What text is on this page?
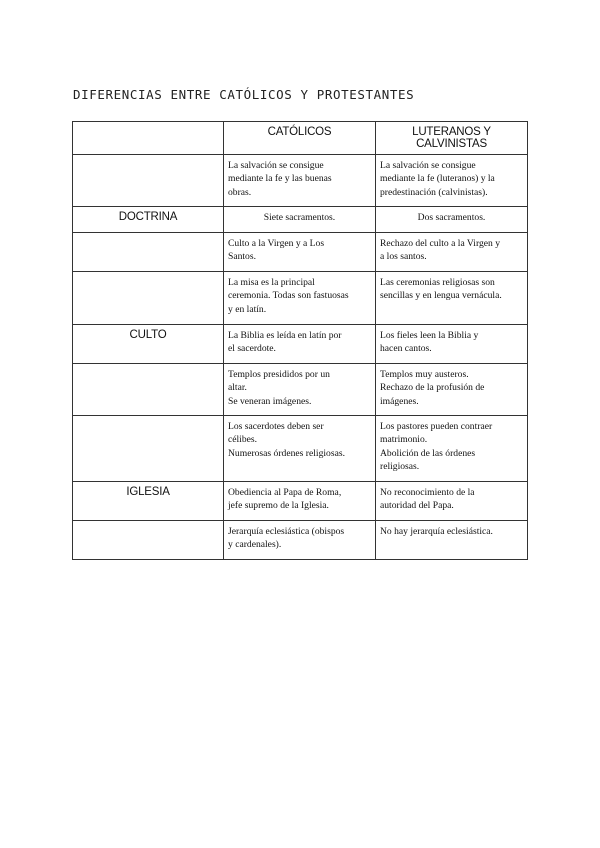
DIFERENCIAS ENTRE CATÓLICOS Y PROTESTANTES
	CATÓLICOS	LUTERANOS Y CALVINISTAS
	La salvación se consigue
mediante la fe y las buenas
obras.	La salvación se consigue
mediante la fe (luteranos) y la
predestinación (calvinistas).
DOCTRINA	Siete sacramentos.	Dos sacramentos.
	Culto a la Virgen y a Los
Santos.	Rechazo del culto a la Virgen y
a los santos.
	La misa es la principal
ceremonia. Todas son fastuosas
y en latín.	Las ceremonias religiosas son
sencillas y en lengua vernácula.
CULTO	La Biblia es leída en latín por
el sacerdote.	Los fieles leen la Biblia y
hacen cantos.
	Templos presididos por un
altar.
Se veneran imágenes.	Templos muy austeros.
Rechazo de la profusión de
imágenes.
	Los sacerdotes deben ser
célibes.
Numerosas órdenes religiosas.	Los pastores pueden contraer
matrimonio.
Abolición de las órdenes
religiosas.
IGLESIA	Obediencia al Papa de Roma,
jefe supremo de la Iglesia.	No reconocimiento de la
autoridad del Papa.
	Jerarquía eclesiástica (obispos
y cardenales).	No hay jerarquía eclesiástica.
